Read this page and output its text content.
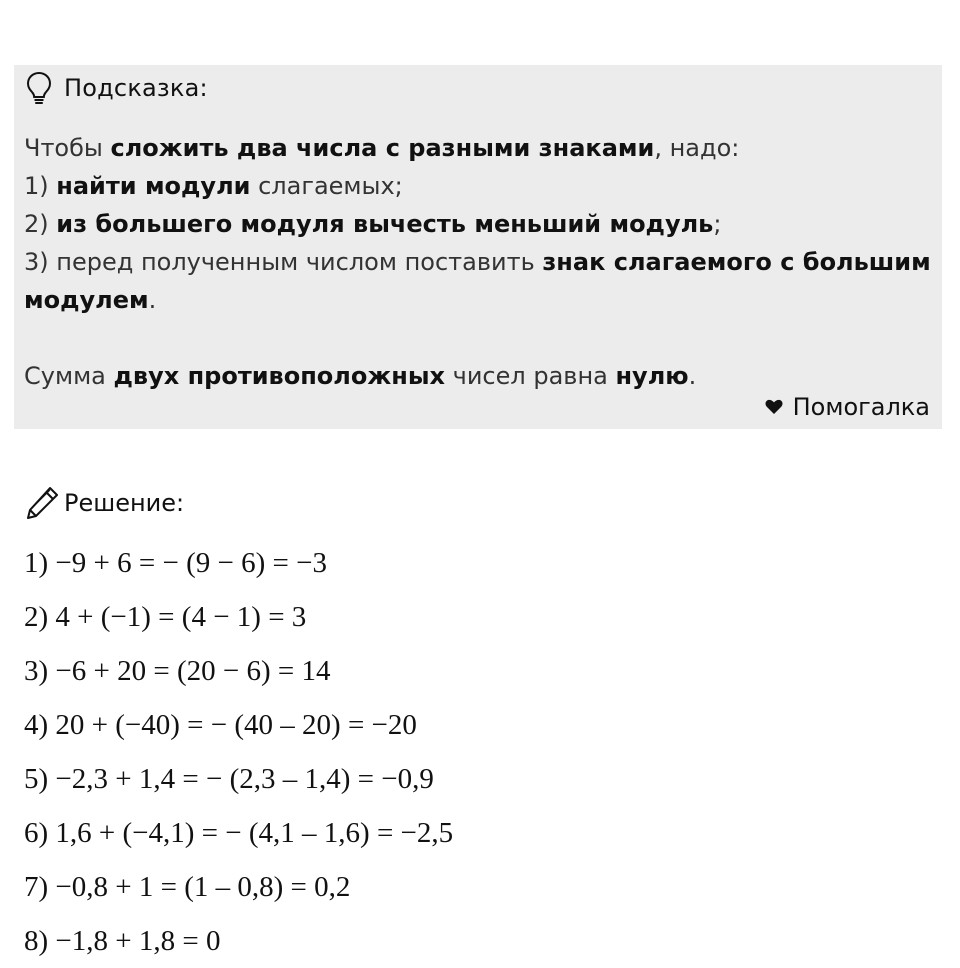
Подсказка:

Чтобы сложить два числа с разными знаками, надо:

1) найти модули слагаемых;

2) из большего модуля вычесть меньший модуль;

3) перед полученным числом поставить знак слагаемого с большим модулем.

Сумма двух противоположных чисел равна нулю.

Помогалка
Решение:
1) −9 + 6 = − (9 − 6) = −3
2) 4 + (−1) = (4 − 1) = 3
3) −6 + 20 = (20 − 6) = 14
4) 20 + (−40) = − (40 – 20) = −20
5) −2,3 + 1,4 = − (2,3 – 1,4) = −0,9
6) 1,6 + (−4,1) = − (4,1 – 1,6) = −2,5
7) −0,8 + 1 = (1 – 0,8) = 0,2
8) −1,8 + 1,8 = 0
